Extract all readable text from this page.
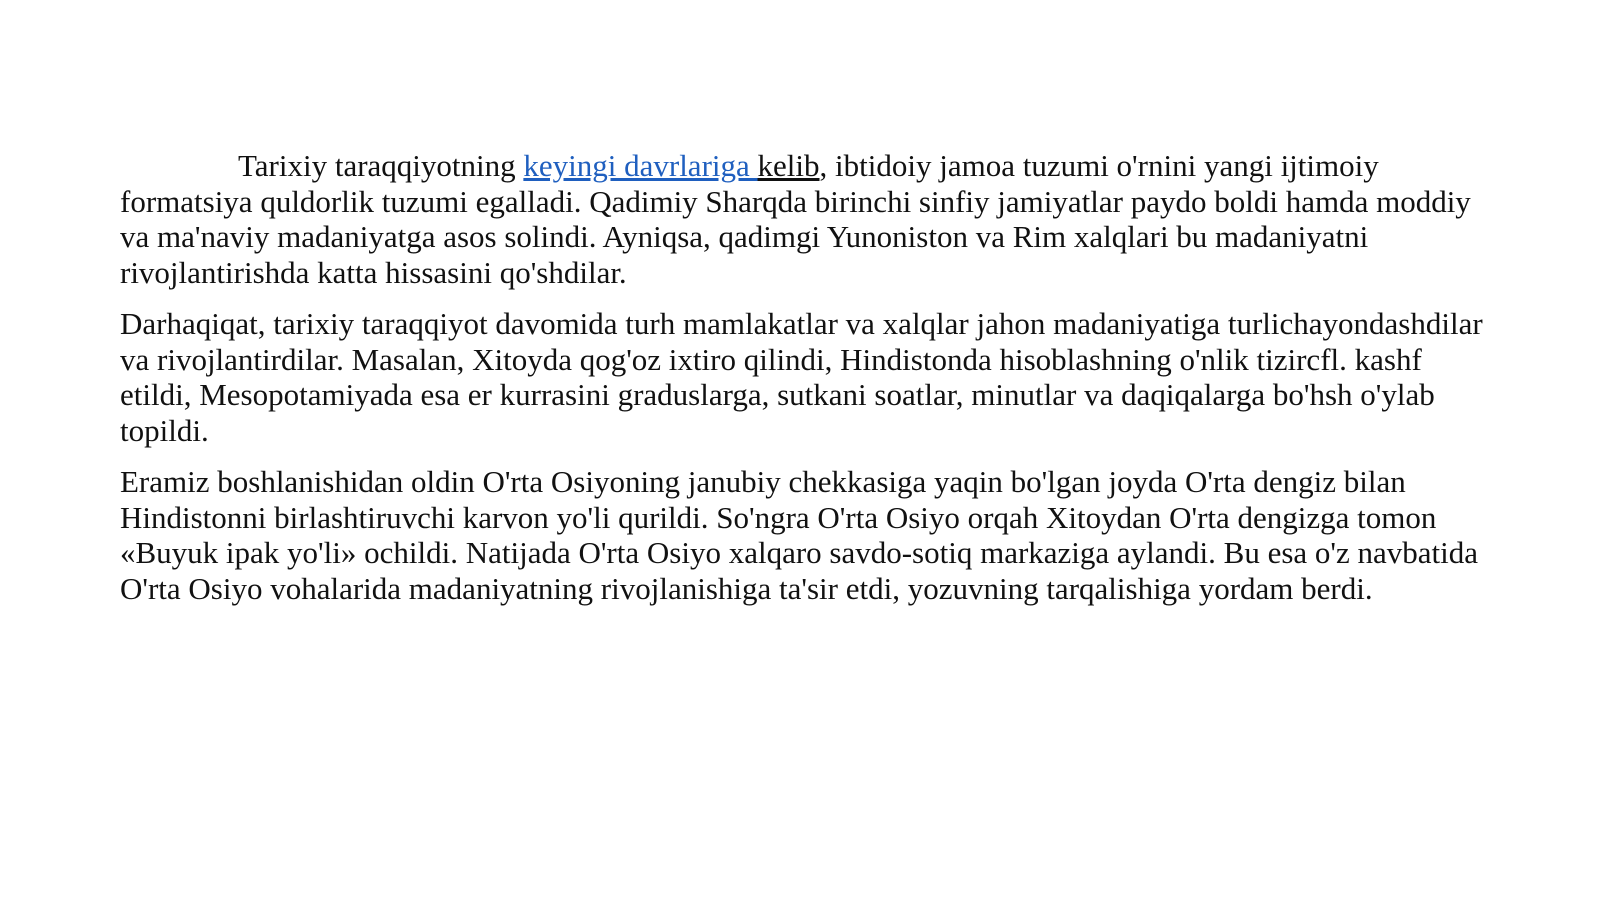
Tarixiy taraqqiyotning keyingi davrlariga kelib, ibtidoiy jamoa tuzumi o'rnini yangi ijtimoiy formatsiya quldorlik tuzumi egalladi. Qadimiy Sharqda birinchi sinfiy jamiyatlar paydo boldi hamda moddiy va ma'naviy madaniyatga asos solindi. Ayniqsa, qadimgi Yunoniston va Rim xalqlari bu madaniyatni rivojlantirishda katta hissasini qo'shdilar.

Darhaqiqat, tarixiy taraqqiyot davomida turh mamlakatlar va xalqlar jahon madaniyatiga turlichayondashdilar va rivojlantirdilar. Masalan, Xitoyda qog'oz ixtiro qilindi, Hindistonda hisoblashning o'nlik tizircfl. kashf etildi, Mesopotamiyada esa er kurrasini graduslarga, sutkani soatlar, minutlar va daqiqalarga bo'hsh o'ylab topildi.

Eramiz boshlanishidan oldin O'rta Osiyoning janubiy chekkasiga yaqin bo'lgan joyda O'rta dengiz bilan Hindistonni birlashtiruvchi karvon yo'li qurildi. So'ngra O'rta Osiyo orqah Xitoydan O'rta dengizga tomon «Buyuk ipak yo'li» ochildi. Natijada O'rta Osiyo xalqaro savdo-sotiq markaziga aylandi. Bu esa o'z navbatida O'rta Osiyo vohalarida madaniyatning rivojlanishiga ta'sir etdi, yozuvning tarqalishiga yordam berdi.
